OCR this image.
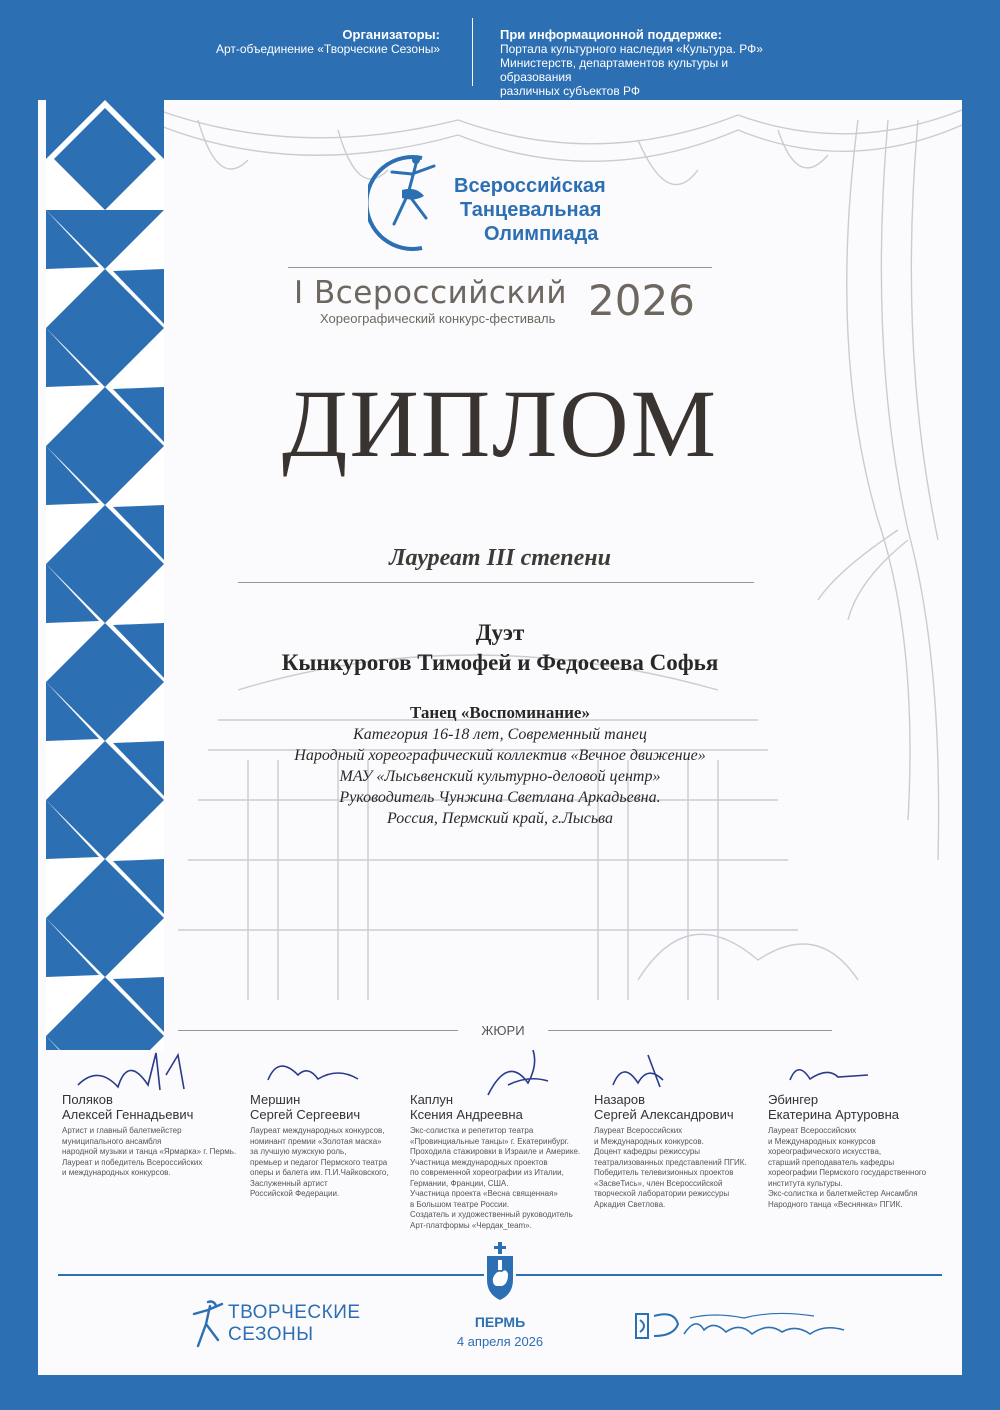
Организаторы:
Арт-объединение «Творческие Сезоны»
При информационной поддержке:
Портала культурного наследия «Культура. РФ»
Министерств, департаментов культуры и образования
различных субъектов РФ
Всероссийская
Танцевальная
Олимпиада
I Всероссийский
Хореографический конкурс-фестиваль 2026
ДИПЛОМ
Лауреат III степени
Дуэт
Кынкурогов Тимофей и Федосеева Софья
Танец «Воспоминание»
Категория 16-18 лет, Современный танец
Народный хореографический коллектив «Вечное движение»
МАУ «Лысьвенский культурно-деловой центр»
Руководитель Чунжина Светлана Аркадьевна.
Россия, Пермский край, г.Лысьва
ЖЮРИ
Поляков
Алексей Геннадьевич
Артист и главный балетмейстер
муниципального ансамбля
народной музыки и танца «Ярмарка» г. Пермь.
Лауреат и победитель Всероссийских
и международных конкурсов.
Мершин
Сергей Сергеевич
Лауреат международных конкурсов,
номинант премии «Золотая маска»
за лучшую мужскую роль,
премьер и педагог Пермского театра
оперы и балета им. П.И.Чайковского,
Заслуженный артист
Российской Федерации.
Каплун
Ксения Андреевна
Экс-солистка и репетитор театра
«Провинциальные танцы» г. Екатеринбург.
Проходила стажировки в Израиле и Америке.
Участница международных проектов
по современной хореографии из Италии,
Германии, Франции, США.
Участница проекта «Весна священная»
в Большом театре России.
Создатель и художественный руководитель
Арт-платформы «Чердак_team».
Назаров
Сергей Александрович
Лауреат Всероссийских
и Международных конкурсов.
Доцент кафедры режиссуры
театрализованных представлений ПГИК.
Победитель телевизионных проектов
«ЗасвеТись», член Всероссийской
творческой лаборатории режиссуры
Аркадия Светлова.
Эбингер
Екатерина Артуровна
Лауреат Всероссийских
и Международных конкурсов
хореографического искусства,
старший преподаватель кафедры
хореографии Пермского государственного
института культуры.
Экс-солистка и балетмейстер Ансамбля
Народного танца «Веснянка» ПГИК.
ПЕРМЬ
4 апреля 2026
ТВОРЧЕСКИЕ
СЕЗОНЫ
